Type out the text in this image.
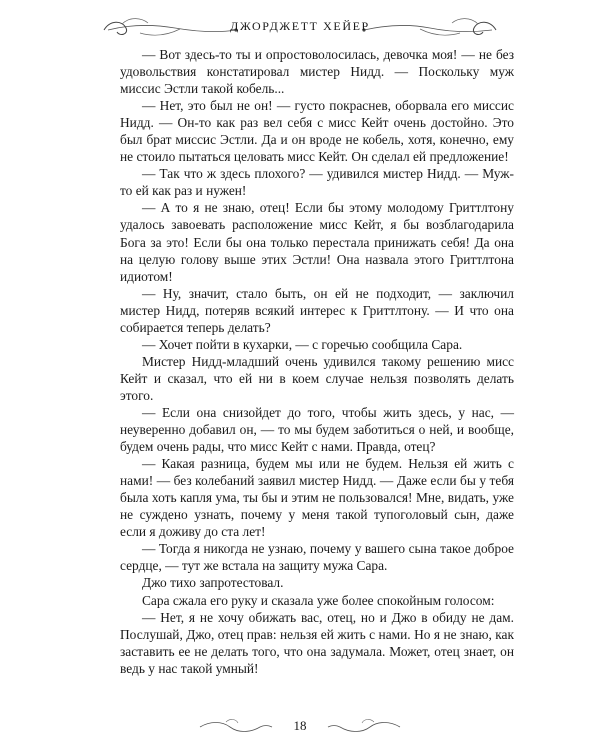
ДЖОРДЖЕТТ ХЕЙЕР

— Вот здесь-то ты и опростоволосилась, девочка моя! — не без удовольствия констатировал мистер Нидд. — Поскольку муж миссис Эстли такой кобель...

— Нет, это был не он! — густо покраснев, оборвала его миссис Нидд. — Он-то как раз вел себя с мисс Кейт очень достойно. Это был брат миссис Эстли. Да и он вроде не кобель, хотя, конечно, ему не стоило пытаться целовать мисс Кейт. Он сделал ей предложение!

— Так что ж здесь плохого? — удивился мистер Нидд. — Муж-то ей как раз и нужен!

— А то я не знаю, отец! Если бы этому молодому Гриттлтону удалось завоевать расположение мисс Кейт, я бы возблагодарила Бога за это! Если бы она только перестала принижать себя! Да она на целую голову выше этих Эстли! Она назвала этого Гриттлтона идиотом!

— Ну, значит, стало быть, он ей не подходит, — заключил мистер Нидд, потеряв всякий интерес к Гриттлтону. — И что она собирается теперь делать?

— Хочет пойти в кухарки, — с горечью сообщила Сара.

Мистер Нидд-младший очень удивился такому решению мисс Кейт и сказал, что ей ни в коем случае нельзя позволять делать этого.

— Если она снизойдет до того, чтобы жить здесь, у нас, — неуверенно добавил он, — то мы будем заботиться о ней, и вообще, будем очень рады, что мисс Кейт с нами. Правда, отец?

— Какая разница, будем мы или не будем. Нельзя ей жить с нами! — без колебаний заявил мистер Нидд. — Даже если бы у тебя была хоть капля ума, ты бы и этим не пользовался! Мне, видать, уже не суждено узнать, почему у меня такой тупоголовый сын, даже если я доживу до ста лет!

— Тогда я никогда не узнаю, почему у вашего сына такое доброе сердце, — тут же встала на защиту мужа Сара.

Джо тихо запротестовал.

Сара сжала его руку и сказала уже более спокойным голосом:

— Нет, я не хочу обижать вас, отец, но и Джо в обиду не дам. Послушай, Джо, отец прав: нельзя ей жить с нами. Но я не знаю, как заставить ее не делать того, что она задумала. Может, отец знает, он ведь у нас такой умный!

18
